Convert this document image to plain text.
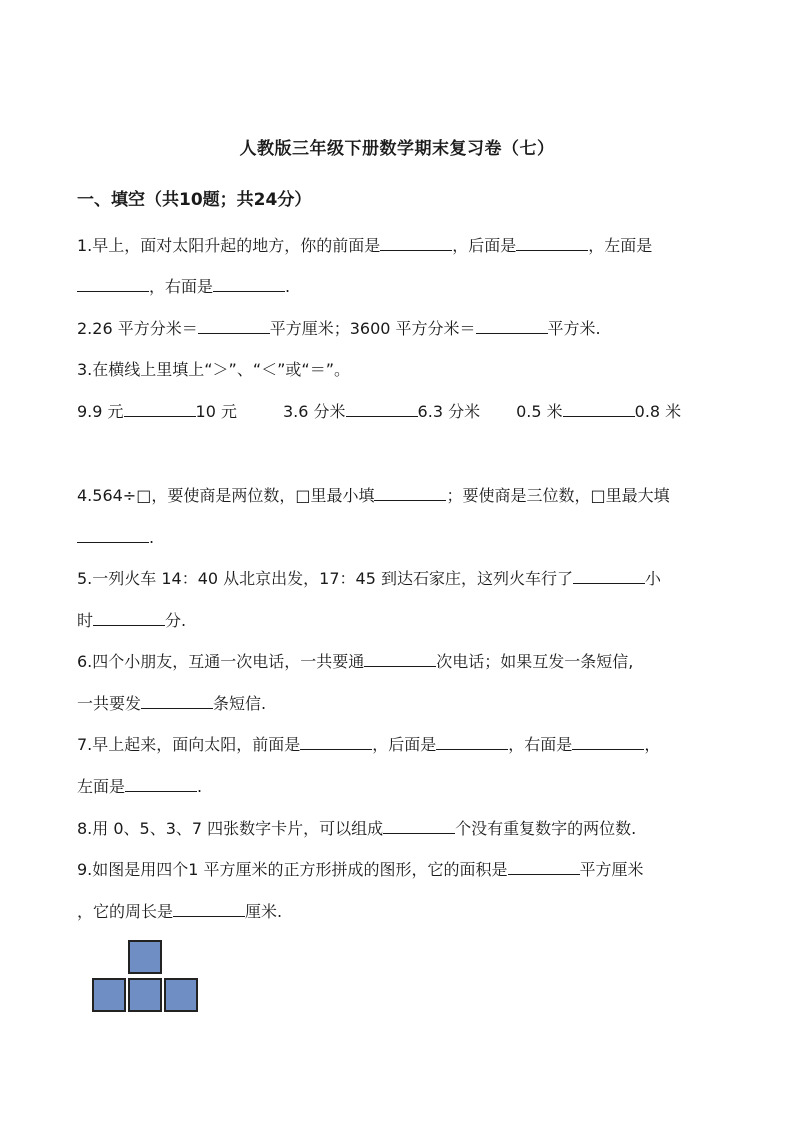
人教版三年级下册数学期末复习卷（七）
一、填空（共10题；共24分）
1.早上，面对太阳升起的地方，你的前面是	，后面是	，左面是
，右面是	.
2.26 平方分米＝	平方厘米；3600 平方分米＝	平方米.
3.在横线上里填上“＞”、“＜”或“＝”。
9.9 元	10 元	3.6 分米	6.3 分米 0.5 米	0.8 米
4.564÷□，要使商是两位数，□里最小填	；要使商是三位数，□里最大填
.
5.一列火车 14：40 从北京出发，17：45 到达石家庄，这列火车行了	小
时	分.
6.四个小朋友，互通一次电话，一共要通	次电话；如果互发一条短信,
一共要发	条短信.
7.早上起来，面向太阳，前面是	，后面是	，右面是	，
左面是	.
8.用 0、5、3、7 四张数字卡片，可以组成	个没有重复数字的两位数.
9.如图是用四个1 平方厘米的正方形拼成的图形，它的面积是	平方厘米
，它的周长是	厘米.
